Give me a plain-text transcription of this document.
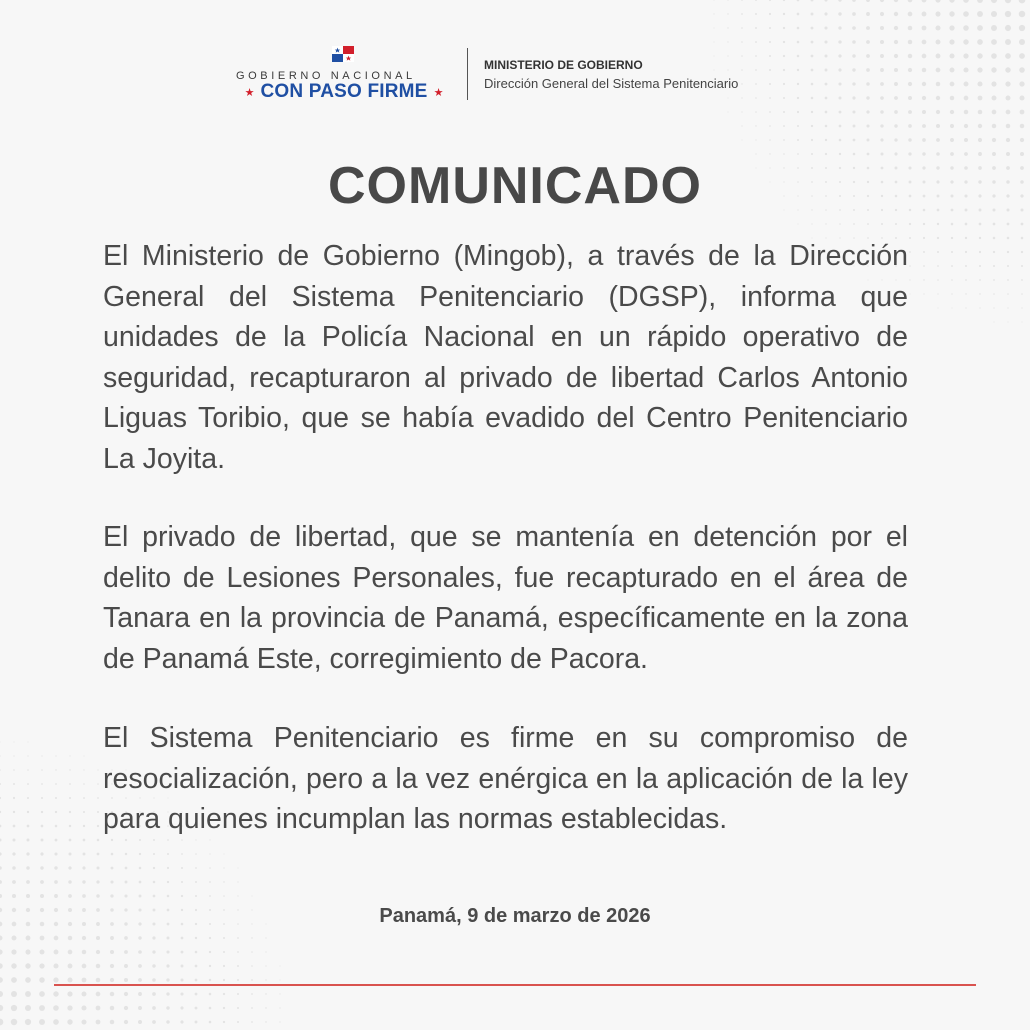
GOBIERNO NACIONAL
★ CON PASO FIRME ★
MINISTERIO DE GOBIERNO
Dirección General del Sistema Penitenciario
COMUNICADO

El Ministerio de Gobierno (Mingob), a través de la Dirección General del Sistema Penitenciario (DGSP), informa que unidades de la Policía Nacional en un rápido operativo de seguridad, recapturaron al privado de libertad Carlos Antonio Liguas Toribio, que se había evadido del Centro Penitenciario La Joyita.

El privado de libertad, que se mantenía en detención por el delito de Lesiones Personales, fue recapturado en el área de Tanara en la provincia de Panamá, específicamente en la zona de Panamá Este, corregimiento de Pacora.

El Sistema Penitenciario es firme en su compromiso de resocialización, pero a la vez enérgica en la aplicación de la ley para quienes incumplan las normas establecidas.

Panamá, 9 de marzo de 2026
